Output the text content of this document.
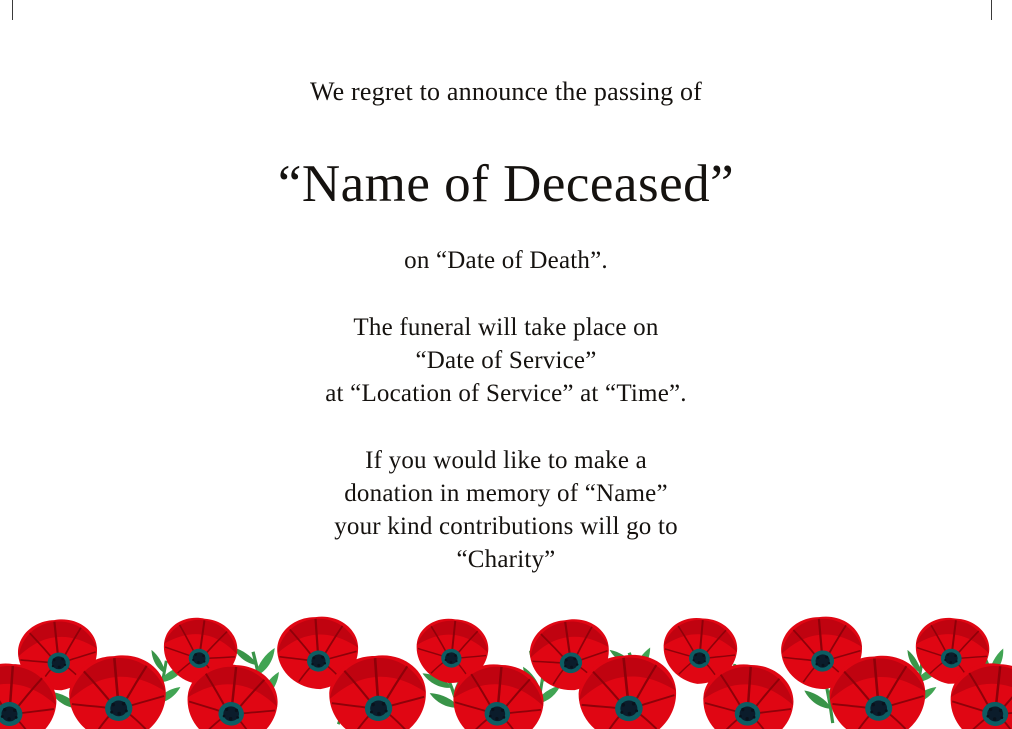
We regret to announce the passing of
“Name of Deceased”
on “Date of Death”.
The funeral will take place on
“Date of Service”
at “Location of Service” at “Time”.
If you would like to make a
donation in memory of “Name”
your kind contributions will go to
“Charity”
